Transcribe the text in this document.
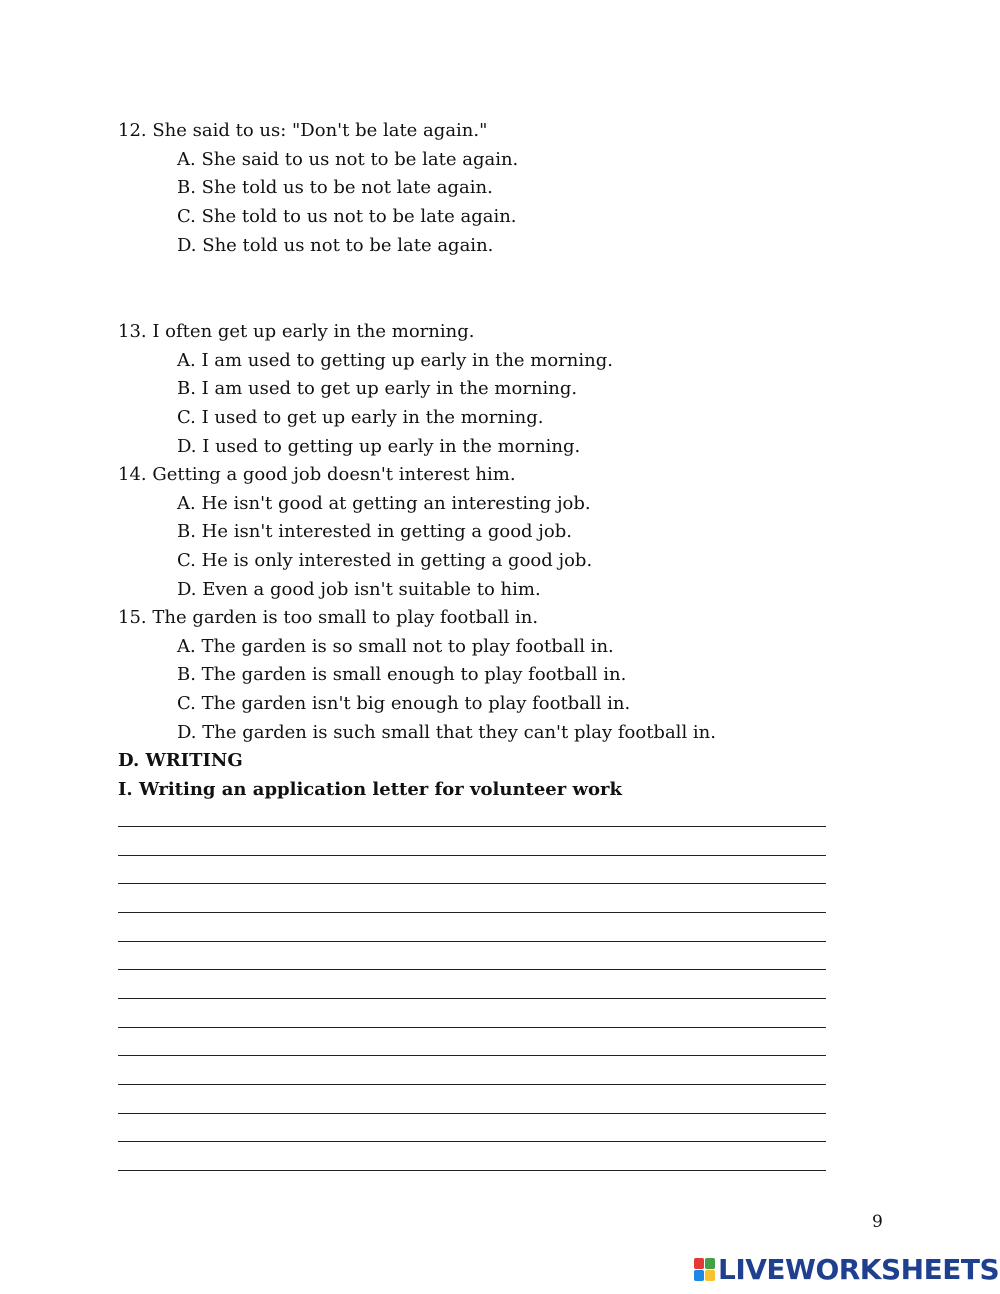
12. She said to us: "Don't be late again."
A. She said to us not to be late again.
B. She told us to be not late again.
C. She told to us not to be late again.
D. She told us not to be late again.
13. I often get up early in the morning.
A. I am used to getting up early in the morning.
B. I am used to get up early in the morning.
C. I used to get up early in the morning.
D. I used to getting up early in the morning.
14. Getting a good job doesn't interest him.
A. He isn't good at getting an interesting job.
B. He isn't interested in getting a good job.
C. He is only interested in getting a good job.
D. Even a good job isn't suitable to him.
15. The garden is too small to play football in.
A. The garden is so small not to play football in.
B. The garden is small enough to play football in.
C. The garden isn't big enough to play football in.
D. The garden is such small that they can't play football in.
D. WRITING
I. Writing an application letter for volunteer work
9
LIVEWORKSHEETS
